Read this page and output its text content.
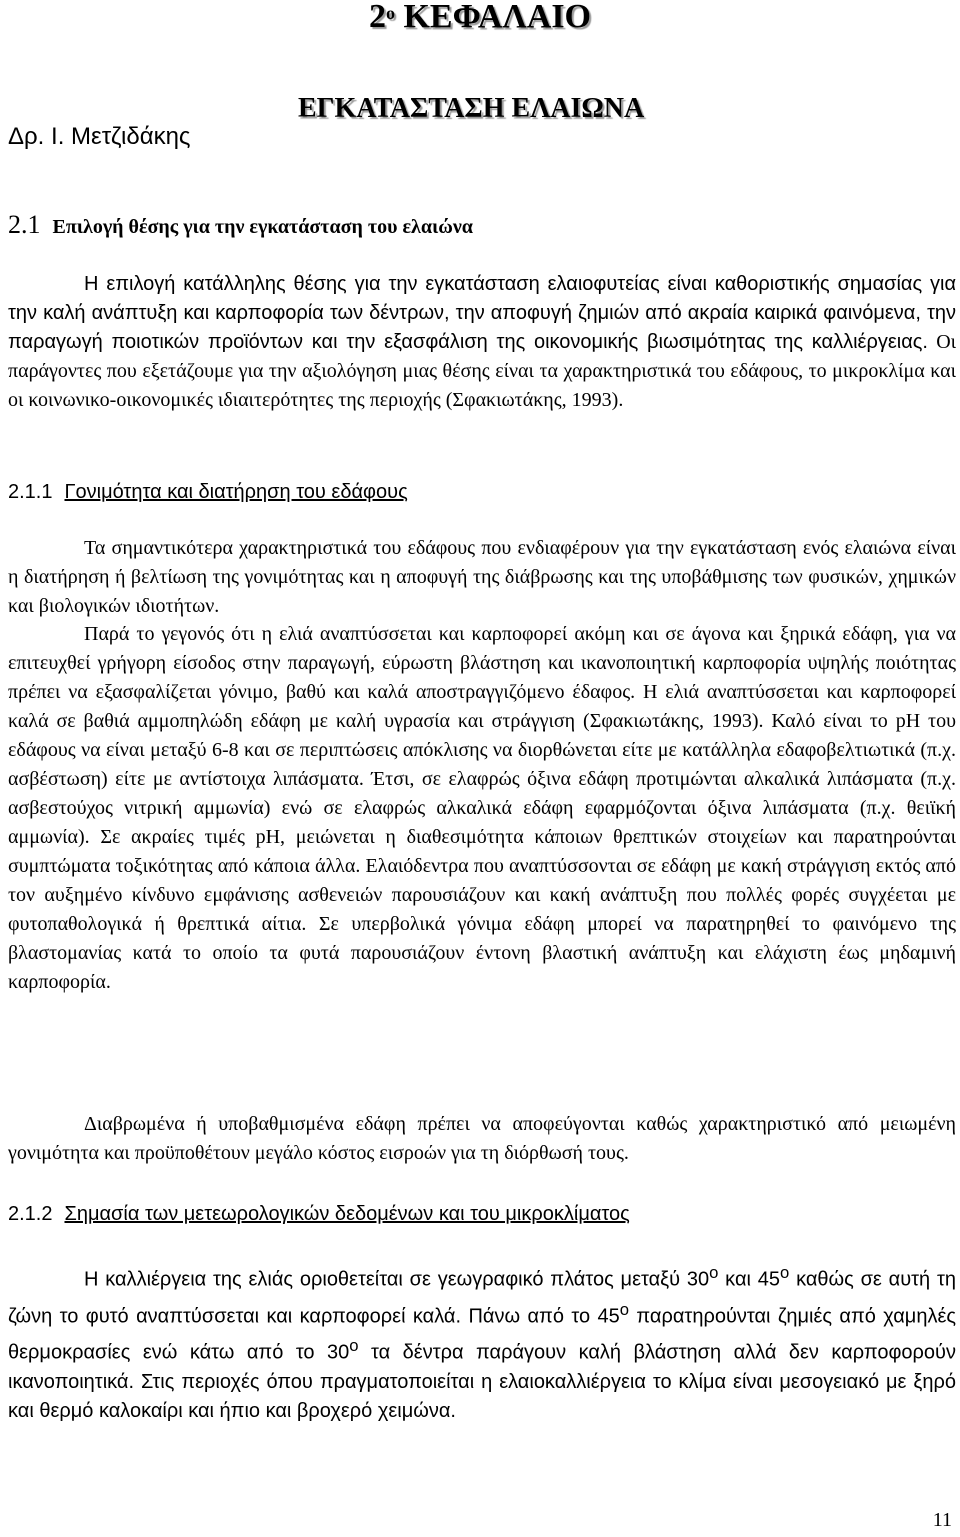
$2^o$ ΚΕΦΑΛΑΙΟ
ΕΓΚΑΤΑΣΤΑΣΗ ΕΛΑΙΩΝΑ
Δρ. Ι. Μετζιδάκης
2.1 Επιλογή θέσης για την εγκατάσταση του ελαιώνα
Η επιλογή κατάλληλης θέσης για την εγκατάσταση ελαιοφυτείας είναι καθοριστικής σημασίας για την καλή ανάπτυξη και καρποφορία των δέντρων, την αποφυγή ζημιών από ακραία καιρικά φαινόμενα, την παραγωγή ποιοτικών προϊόντων και την εξασφάλιση της οικονομικής βιωσιμότητας της καλλιέργειας. Οι παράγοντες που εξετάζουμε για την αξιολόγηση μιας θέσης είναι τα χαρακτηριστικά του εδάφους, το μικροκλίμα και οι κοινωνικο-οικονομικές ιδιαιτερότητες της περιοχής (Σφακιωτάκης, 1993).
2.1.1 Γονιμότητα και διατήρηση του εδάφους
Τα σημαντικότερα χαρακτηριστικά του εδάφους που ενδιαφέρουν για την εγκατάσταση ενός ελαιώνα είναι η διατήρηση ή βελτίωση της γονιμότητας και η αποφυγή της διάβρωσης και της υποβάθμισης των φυσικών, χημικών και βιολογικών ιδιοτήτων.
Παρά το γεγονός ότι η ελιά αναπτύσσεται και καρποφορεί ακόμη και σε άγονα και ξηρικά εδάφη, για να επιτευχθεί γρήγορη είσοδος στην παραγωγή, εύρωστη βλάστηση και ικανοποιητική καρποφορία υψηλής ποιότητας πρέπει να εξασφαλίζεται γόνιμο, βαθύ και καλά αποστραγγιζόμενο έδαφος. Η ελιά αναπτύσσεται και καρποφορεί καλά σε βαθιά αμμοπηλώδη εδάφη με καλή υγρασία και στράγγιση (Σφακιωτάκης, 1993). Καλό είναι το pH του εδάφους να είναι μεταξύ 6-8 και σε περιπτώσεις απόκλισης να διορθώνεται είτε με κατάλληλα εδαφοβελτιωτικά (π.χ. ασβέστωση) είτε με αντίστοιχα λιπάσματα. Έτσι, σε ελαφρώς όξινα εδάφη προτιμώνται αλκαλικά λιπάσματα (π.χ. ασβεστούχος νιτρική αμμωνία) ενώ σε ελαφρώς αλκαλικά εδάφη εφαρμόζονται όξινα λιπάσματα (π.χ. θειϊκή αμμωνία). Σε ακραίες τιμές pH, μειώνεται η διαθεσιμότητα κάποιων θρεπτικών στοιχείων και παρατηρούνται συμπτώματα τοξικότητας από κάποια άλλα. Ελαιόδεντρα που αναπτύσσονται σε εδάφη με κακή στράγγιση εκτός από τον αυξημένο κίνδυνο εμφάνισης ασθενειών παρουσιάζουν και κακή ανάπτυξη που πολλές φορές συγχέεται με φυτοπαθολογικά ή θρεπτικά αίτια. Σε υπερβολικά γόνιμα εδάφη μπορεί να παρατηρηθεί το φαινόμενο της βλαστομανίας κατά το οποίο τα φυτά παρουσιάζουν έντονη βλαστική ανάπτυξη και ελάχιστη έως μηδαμινή καρποφορία.
Διαβρωμένα ή υποβαθμισμένα εδάφη πρέπει να αποφεύγονται καθώς χαρακτηριστικό από μειωμένη γονιμότητα και προϋποθέτουν μεγάλο κόστος εισροών για τη διόρθωσή τους.
2.1.2 Σημασία των μετεωρολογικών δεδομένων και του μικροκλίματος
Η καλλιέργεια της ελιάς οριοθετείται σε γεωγραφικό πλάτος μεταξύ $30^o$ και $45^o$ καθώς σε αυτή τη ζώνη το φυτό αναπτύσσεται και καρποφορεί καλά. Πάνω από το $45^o$ παρατηρούνται ζημιές από χαμηλές θερμοκρασίες ενώ κάτω από το $30^o$ τα δέντρα παράγουν καλή βλάστηση αλλά δεν καρποφορούν ικανοποιητικά. Στις περιοχές όπου πραγματοποιείται η ελαιοκαλλιέργεια το κλίμα είναι μεσογειακό με ξηρό και θερμό καλοκαίρι και ήπιο και βροχερό χειμώνα.
11
